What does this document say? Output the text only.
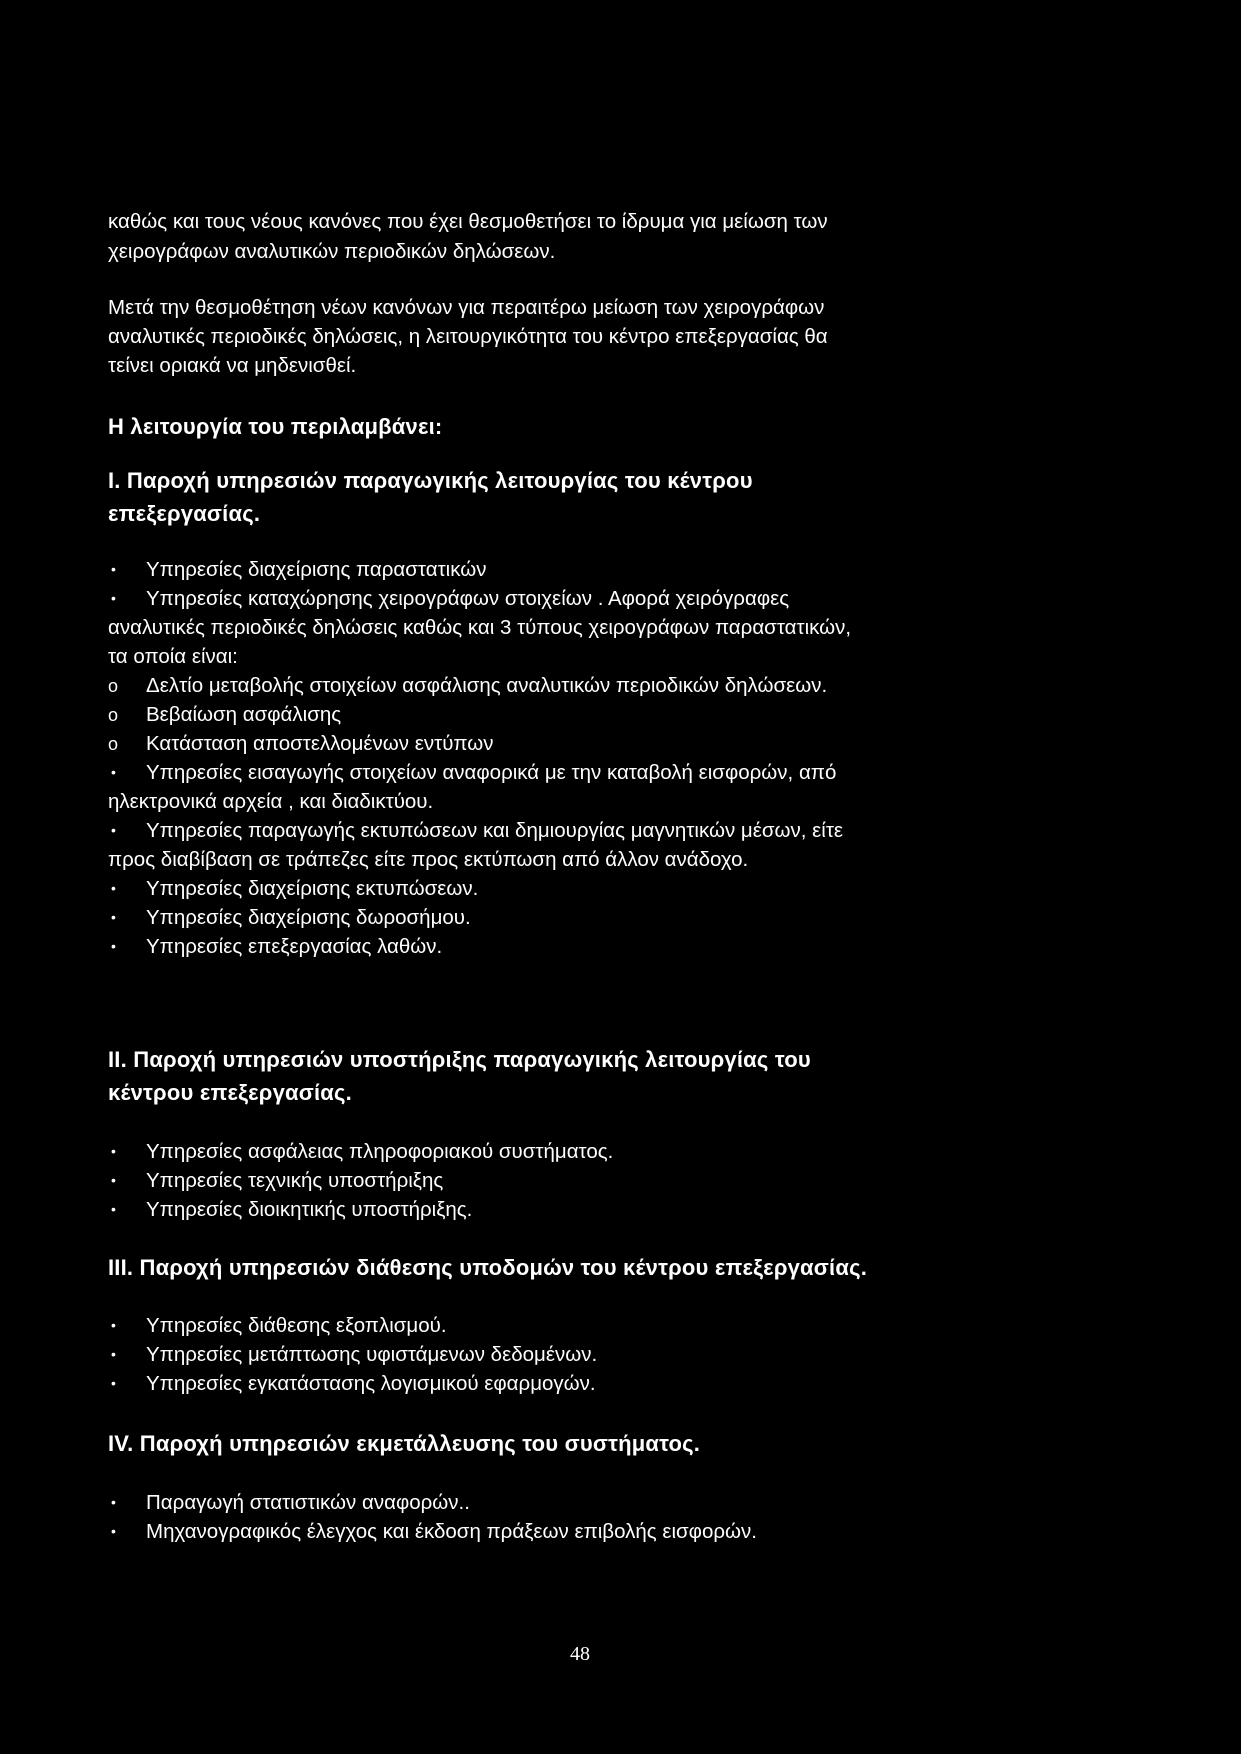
καθώς και τους νέους κανόνες που έχει θεσμοθετήσει το ίδρυμα για μείωση των
χειρογράφων αναλυτικών περιοδικών δηλώσεων.
Μετά την θεσμοθέτηση νέων κανόνων για περαιτέρω μείωση των χειρογράφων
αναλυτικές περιοδικές δηλώσεις, η λειτουργικότητα του κέντρο επεξεργασίας θα
τείνει οριακά να μηδενισθεί.
Η λειτουργία του περιλαμβάνει:
Ι. Παροχή υπηρεσιών παραγωγικής λειτουργίας του κέντρου
επεξεργασίας.
• Υπηρεσίες διαχείρισης παραστατικών
• Υπηρεσίες καταχώρησης χειρογράφων στοιχείων . Αφορά χειρόγραφες
αναλυτικές περιοδικές δηλώσεις καθώς και 3 τύπους χειρογράφων παραστατικών,
τα οποία είναι:
o Δελτίο μεταβολής στοιχείων ασφάλισης αναλυτικών περιοδικών δηλώσεων.
o Βεβαίωση ασφάλισης
o Κατάσταση αποστελλομένων εντύπων
• Υπηρεσίες εισαγωγής στοιχείων αναφορικά με την καταβολή εισφορών, από
ηλεκτρονικά αρχεία , και διαδικτύου.
• Υπηρεσίες παραγωγής εκτυπώσεων και δημιουργίας μαγνητικών μέσων, είτε
προς διαβίβαση σε τράπεζες είτε προς εκτύπωση από άλλον ανάδοχο.
• Υπηρεσίες διαχείρισης εκτυπώσεων.
• Υπηρεσίες διαχείρισης δωροσήμου.
• Υπηρεσίες επεξεργασίας λαθών.
ΙΙ. Παροχή υπηρεσιών υποστήριξης παραγωγικής λειτουργίας του
κέντρου επεξεργασίας.
• Υπηρεσίες ασφάλειας πληροφοριακού συστήματος.
• Υπηρεσίες τεχνικής υποστήριξης
• Υπηρεσίες διοικητικής υποστήριξης.
ΙΙΙ. Παροχή υπηρεσιών διάθεσης υποδομών του κέντρου επεξεργασίας.
• Υπηρεσίες διάθεσης εξοπλισμού.
• Υπηρεσίες μετάπτωσης υφιστάμενων δεδομένων.
• Υπηρεσίες εγκατάστασης λογισμικού εφαρμογών.
IV. Παροχή υπηρεσιών εκμετάλλευσης του συστήματος.
• Παραγωγή στατιστικών αναφορών..
• Μηχανογραφικός έλεγχος και έκδοση πράξεων επιβολής εισφορών.
48
